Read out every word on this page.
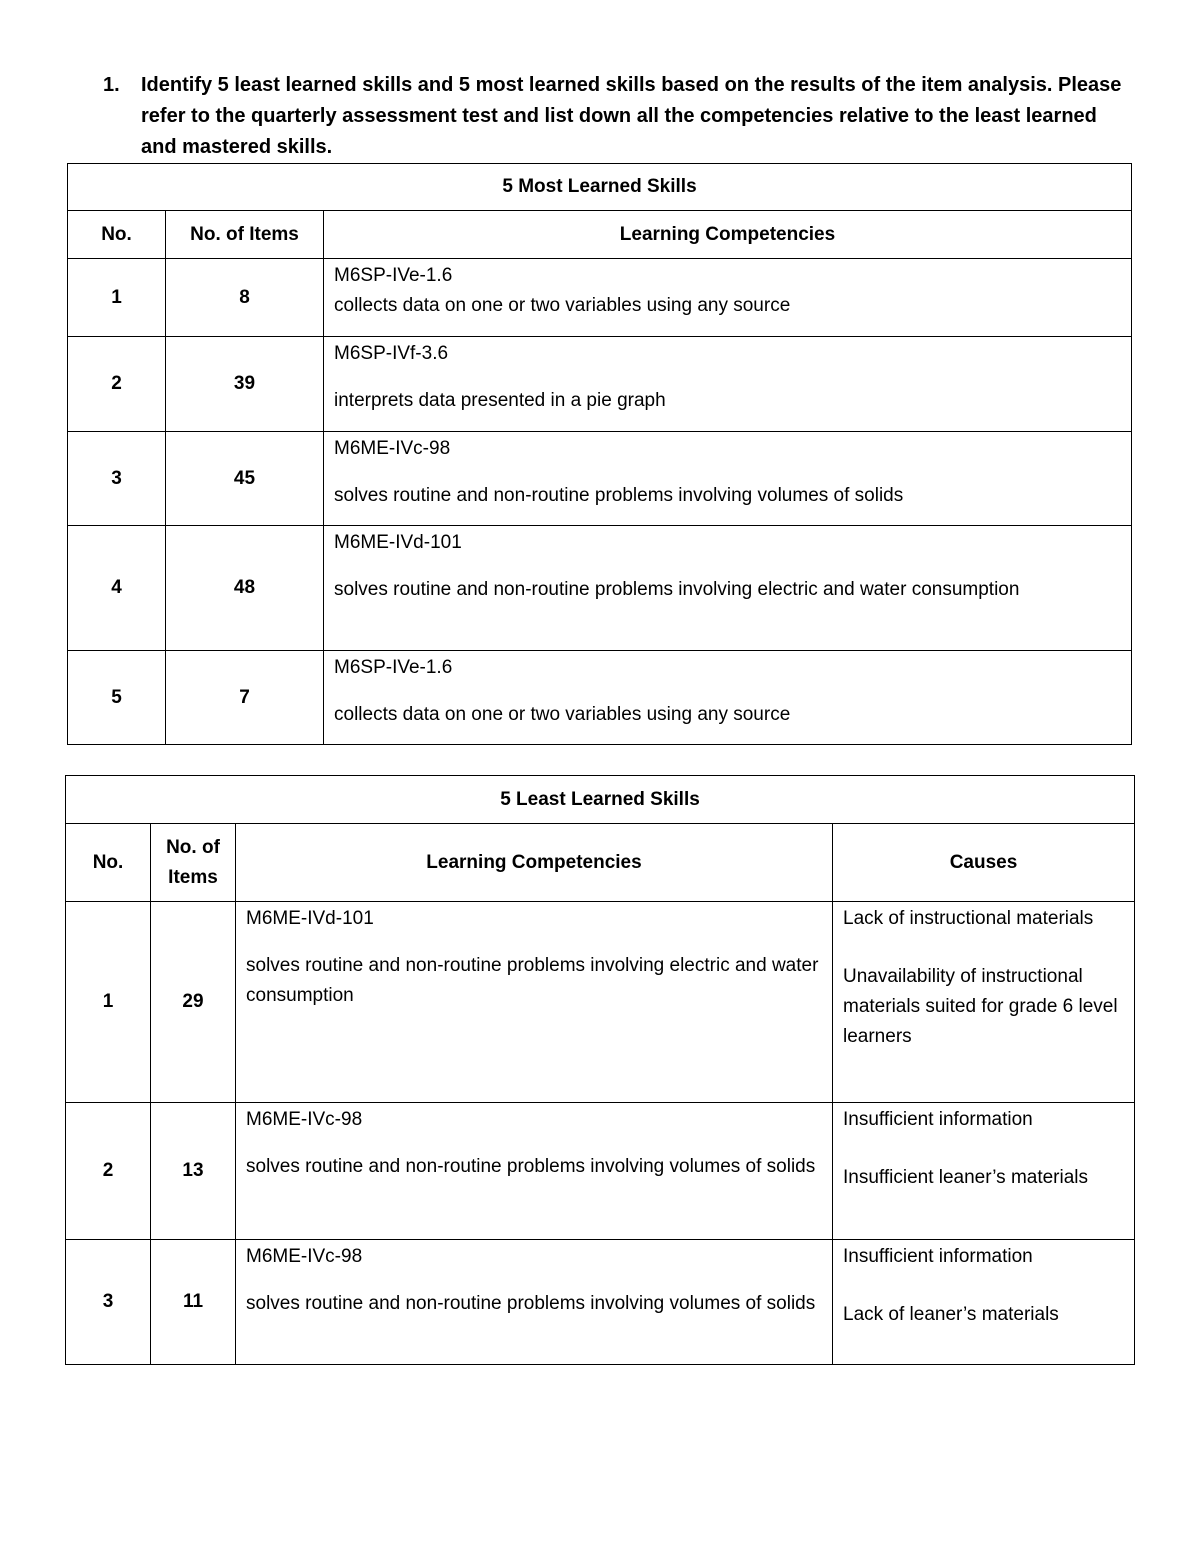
1. Identify 5 least learned skills and 5 most learned skills based on the results of the item analysis. Please refer to the quarterly assessment test and list down all the competencies relative to the least learned and mastered skills.
5 Most Learned Skills		
No.	No. of Items	Learning Competencies
1	8	M6SP-IVe-1.6
collects data on one or two variables using any source

2	39	M6SP-IVf-3.6
interprets data presented in a pie graph

3	45	M6ME-IVc-98
solves routine and non-routine problems involving volumes of solids

4	48	M6ME-IVd-101
solves routine and non-routine problems involving electric and water consumption

5	7	M6SP-IVe-1.6
collects data on one or two variables using any source
5 Least Learned Skills			
No.	No. of Items	Learning Competencies	Causes
1	29	M6ME-IVd-101
solves routine and non-routine problems involving electric and water consumption	Lack of instructional materials
Unavailability of instructional materials suited for grade 6 level learners

2	13	M6ME-IVc-98
solves routine and non-routine problems involving volumes of solids	Insufficient information
Insufficient leaner’s materials

3	11	M6ME-IVc-98
solves routine and non-routine problems involving volumes of solids	Insufficient information
Lack of leaner’s materials
